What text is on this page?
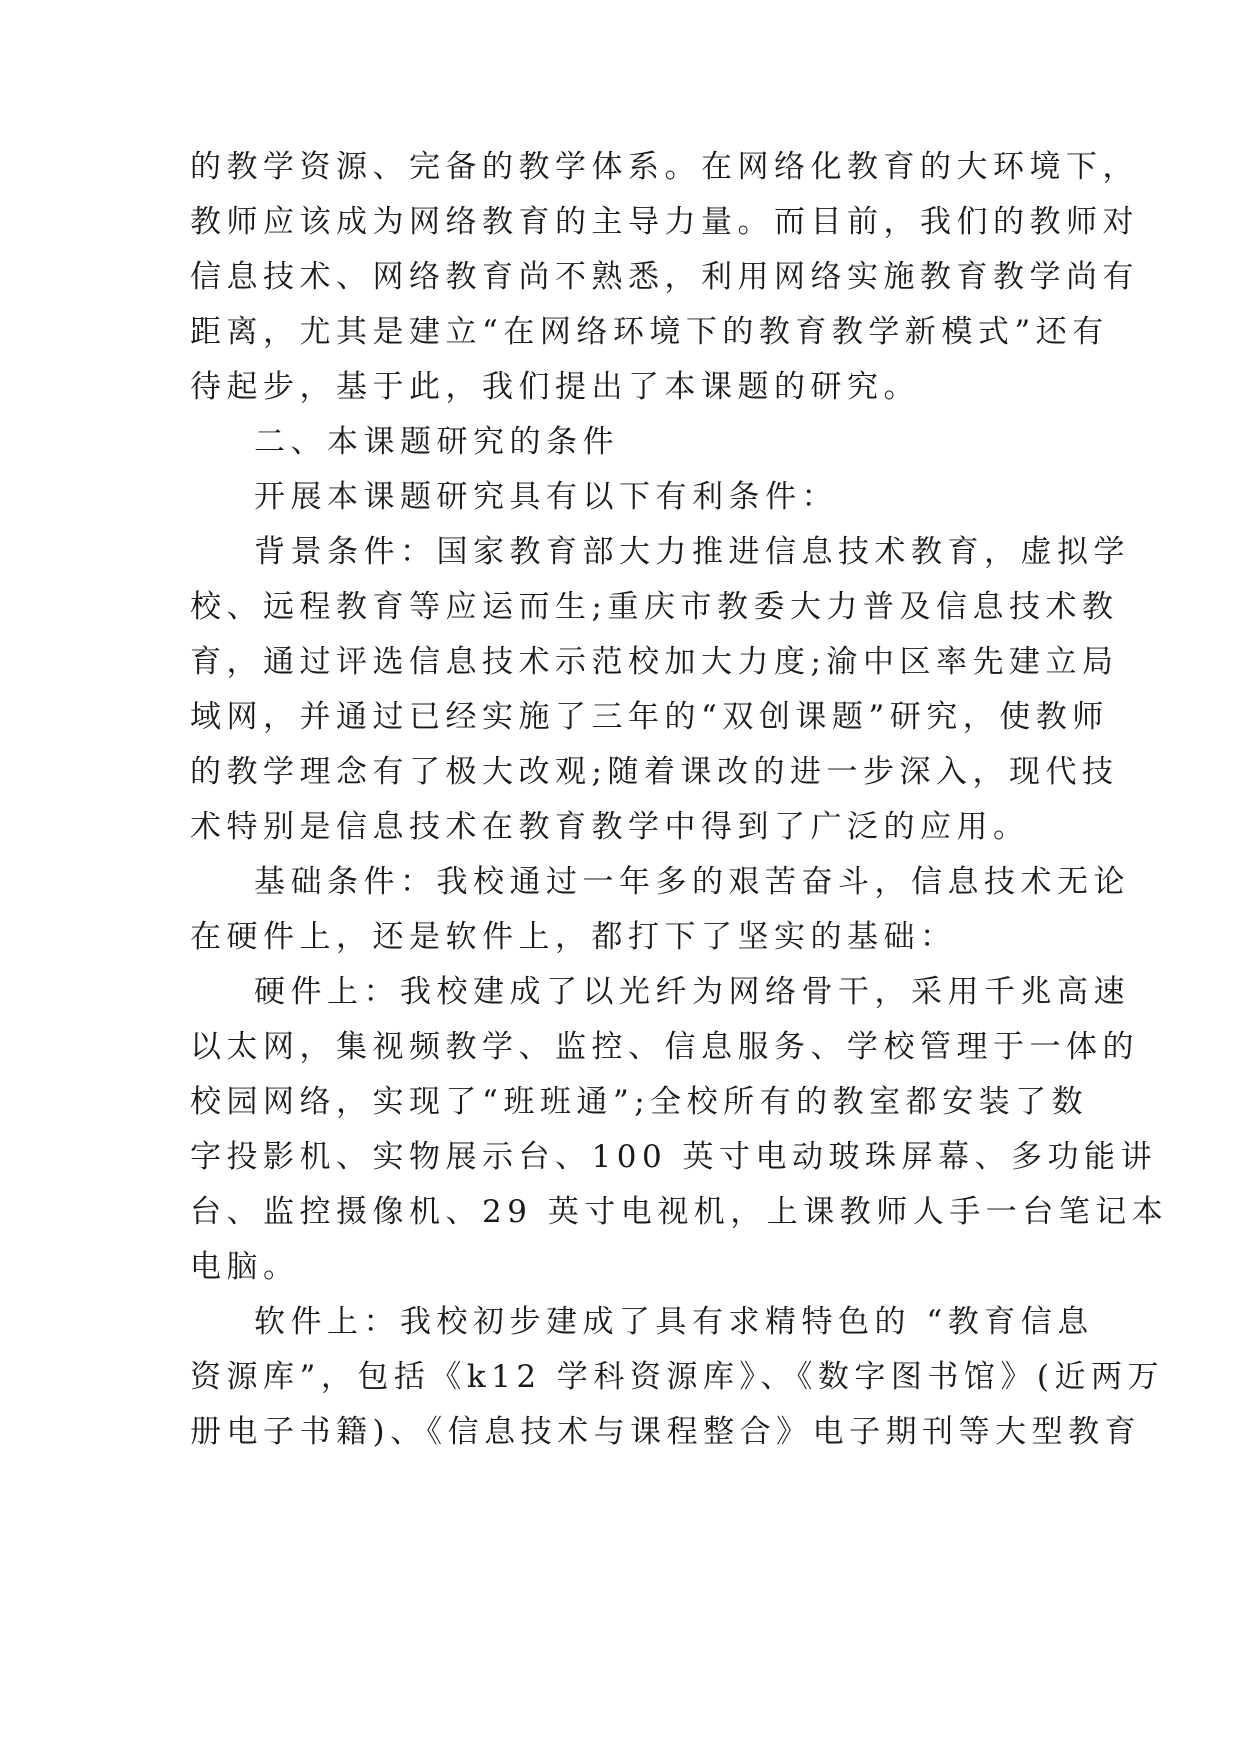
的教学资源、完备的教学体系。在网络化教育的大环境下，
教师应该成为网络教育的主导力量。而目前，我们的教师对
信息技术、网络教育尚不熟悉，利用网络实施教育教学尚有
距离，尤其是建立“在网络环境下的教育教学新模式”还有
待起步，基于此，我们提出了本课题的研究。
二、本课题研究的条件
开展本课题研究具有以下有利条件：
背景条件：国家教育部大力推进信息技术教育，虚拟学
校、远程教育等应运而生;重庆市教委大力普及信息技术教
育，通过评选信息技术示范校加大力度;渝中区率先建立局
域网，并通过已经实施了三年的“双创课题”研究，使教师
的教学理念有了极大改观;随着课改的进一步深入，现代技
术特别是信息技术在教育教学中得到了广泛的应用。
基础条件：我校通过一年多的艰苦奋斗，信息技术无论
在硬件上，还是软件上，都打下了坚实的基础：
硬件上：我校建成了以光纤为网络骨干，采用千兆高速
以太网，集视频教学、监控、信息服务、学校管理于一体的
校园网络，实现了“班班通”;全校所有的教室都安装了数
字投影机、实物展示台、100 英寸电动玻珠屏幕、多功能讲
台、监控摄像机、29 英寸电视机，上课教师人手一台笔记本
电脑。
软件上：我校初步建成了具有求精特色的 “教育信息
资源库”，包括《k12 学科资源库》、《数字图书馆》(近两万
册电子书籍)、《信息技术与课程整合》电子期刊等大型教育
